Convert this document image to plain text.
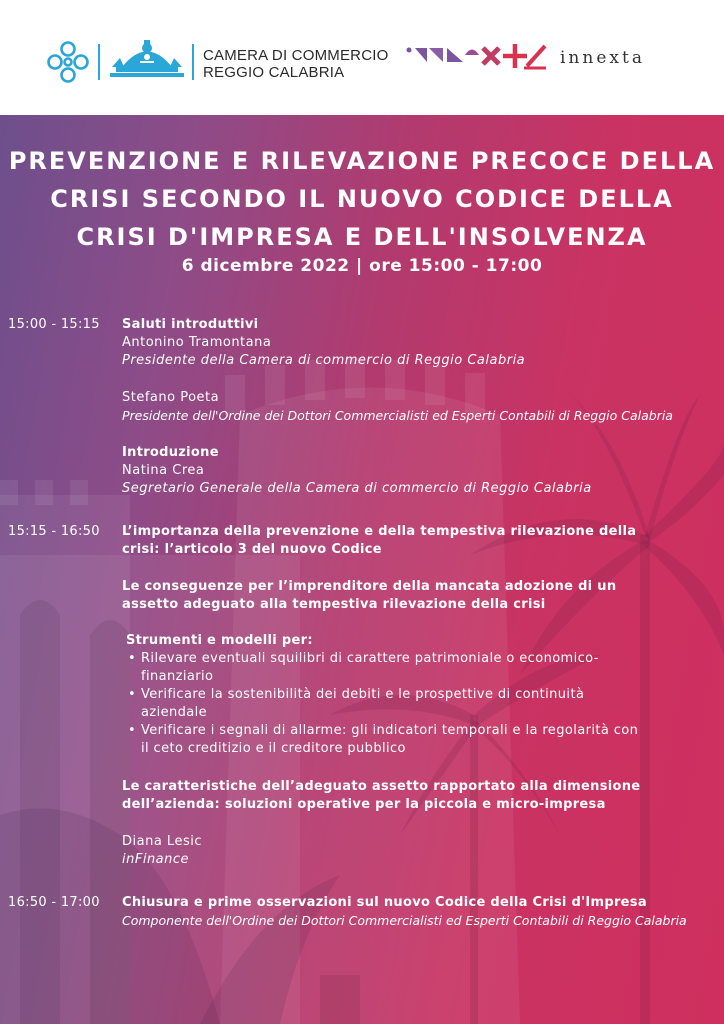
CAMERA DI COMMERCIO
REGGIO CALABRIA
innexta
PREVENZIONE E RILEVAZIONE PRECOCE DELLA
CRISI SECONDO IL NUOVO CODICE DELLA
CRISI D'IMPRESA E DELL'INSOLVENZA
6 dicembre 2022 | ore 15:00 - 17:00
15:00 - 15:15 Saluti introduttivi
Antonino Tramontana
Presidente della Camera di commercio di Reggio Calabria
Stefano Poeta
Presidente dell'Ordine dei Dottori Commercialisti ed Esperti Contabili di Reggio Calabria
Introduzione
Natina Crea
Segretario Generale della Camera di commercio di Reggio Calabria
15:15 - 16:50 L’importanza della prevenzione e della tempestiva rilevazione della
crisi: l’articolo 3 del nuovo Codice
Le conseguenze per l’imprenditore della mancata adozione di un
assetto adeguato alla tempestiva rilevazione della crisi
Strumenti e modelli per:
• Rilevare eventuali squilibri di carattere patrimoniale o economico-
finanziario
• Verificare la sostenibilità dei debiti e le prospettive di continuità
aziendale
• Verificare i segnali di allarme: gli indicatori temporali e la regolarità con
il ceto creditizio e il creditore pubblico
Le caratteristiche dell’adeguato assetto rapportato alla dimensione
dell’azienda: soluzioni operative per la piccola e micro-impresa
Diana Lesic
inFinance
16:50 - 17:00 Chiusura e prime osservazioni sul nuovo Codice della Crisi d'Impresa
Componente dell'Ordine dei Dottori Commercialisti ed Esperti Contabili di Reggio Calabria
